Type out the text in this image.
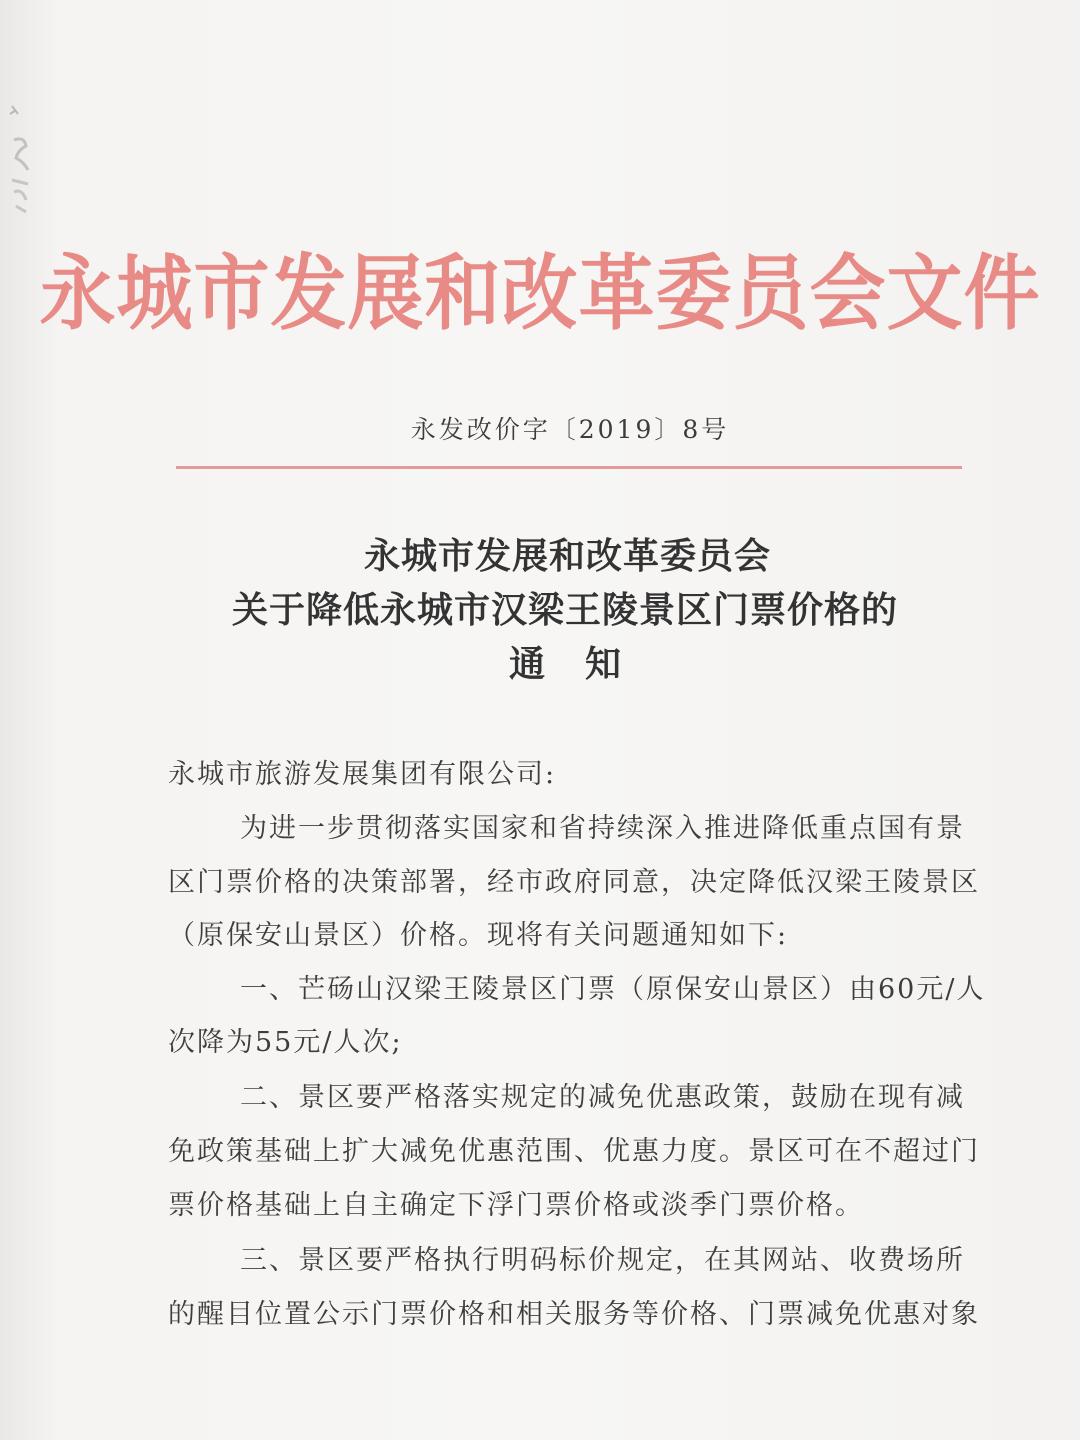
永城市发展和改革委员会文件
永发改价字〔2019〕8号
永城市发展和改革委员会
关于降低永城市汉梁王陵景区门票价格的
通知
永城市旅游发展集团有限公司:
为进一步贯彻落实国家和省持续深入推进降低重点国有景
区门票价格的决策部署，经市政府同意，决定降低汉梁王陵景区
（原保安山景区）价格。现将有关问题通知如下:
一、芒砀山汉梁王陵景区门票（原保安山景区）由60元/人
次降为55元/人次;
二、景区要严格落实规定的减免优惠政策，鼓励在现有减
免政策基础上扩大减免优惠范围、优惠力度。景区可在不超过门
票价格基础上自主确定下浮门票价格或淡季门票价格。
三、景区要严格执行明码标价规定，在其网站、收费场所
的醒目位置公示门票价格和相关服务等价格、门票减免优惠对象
